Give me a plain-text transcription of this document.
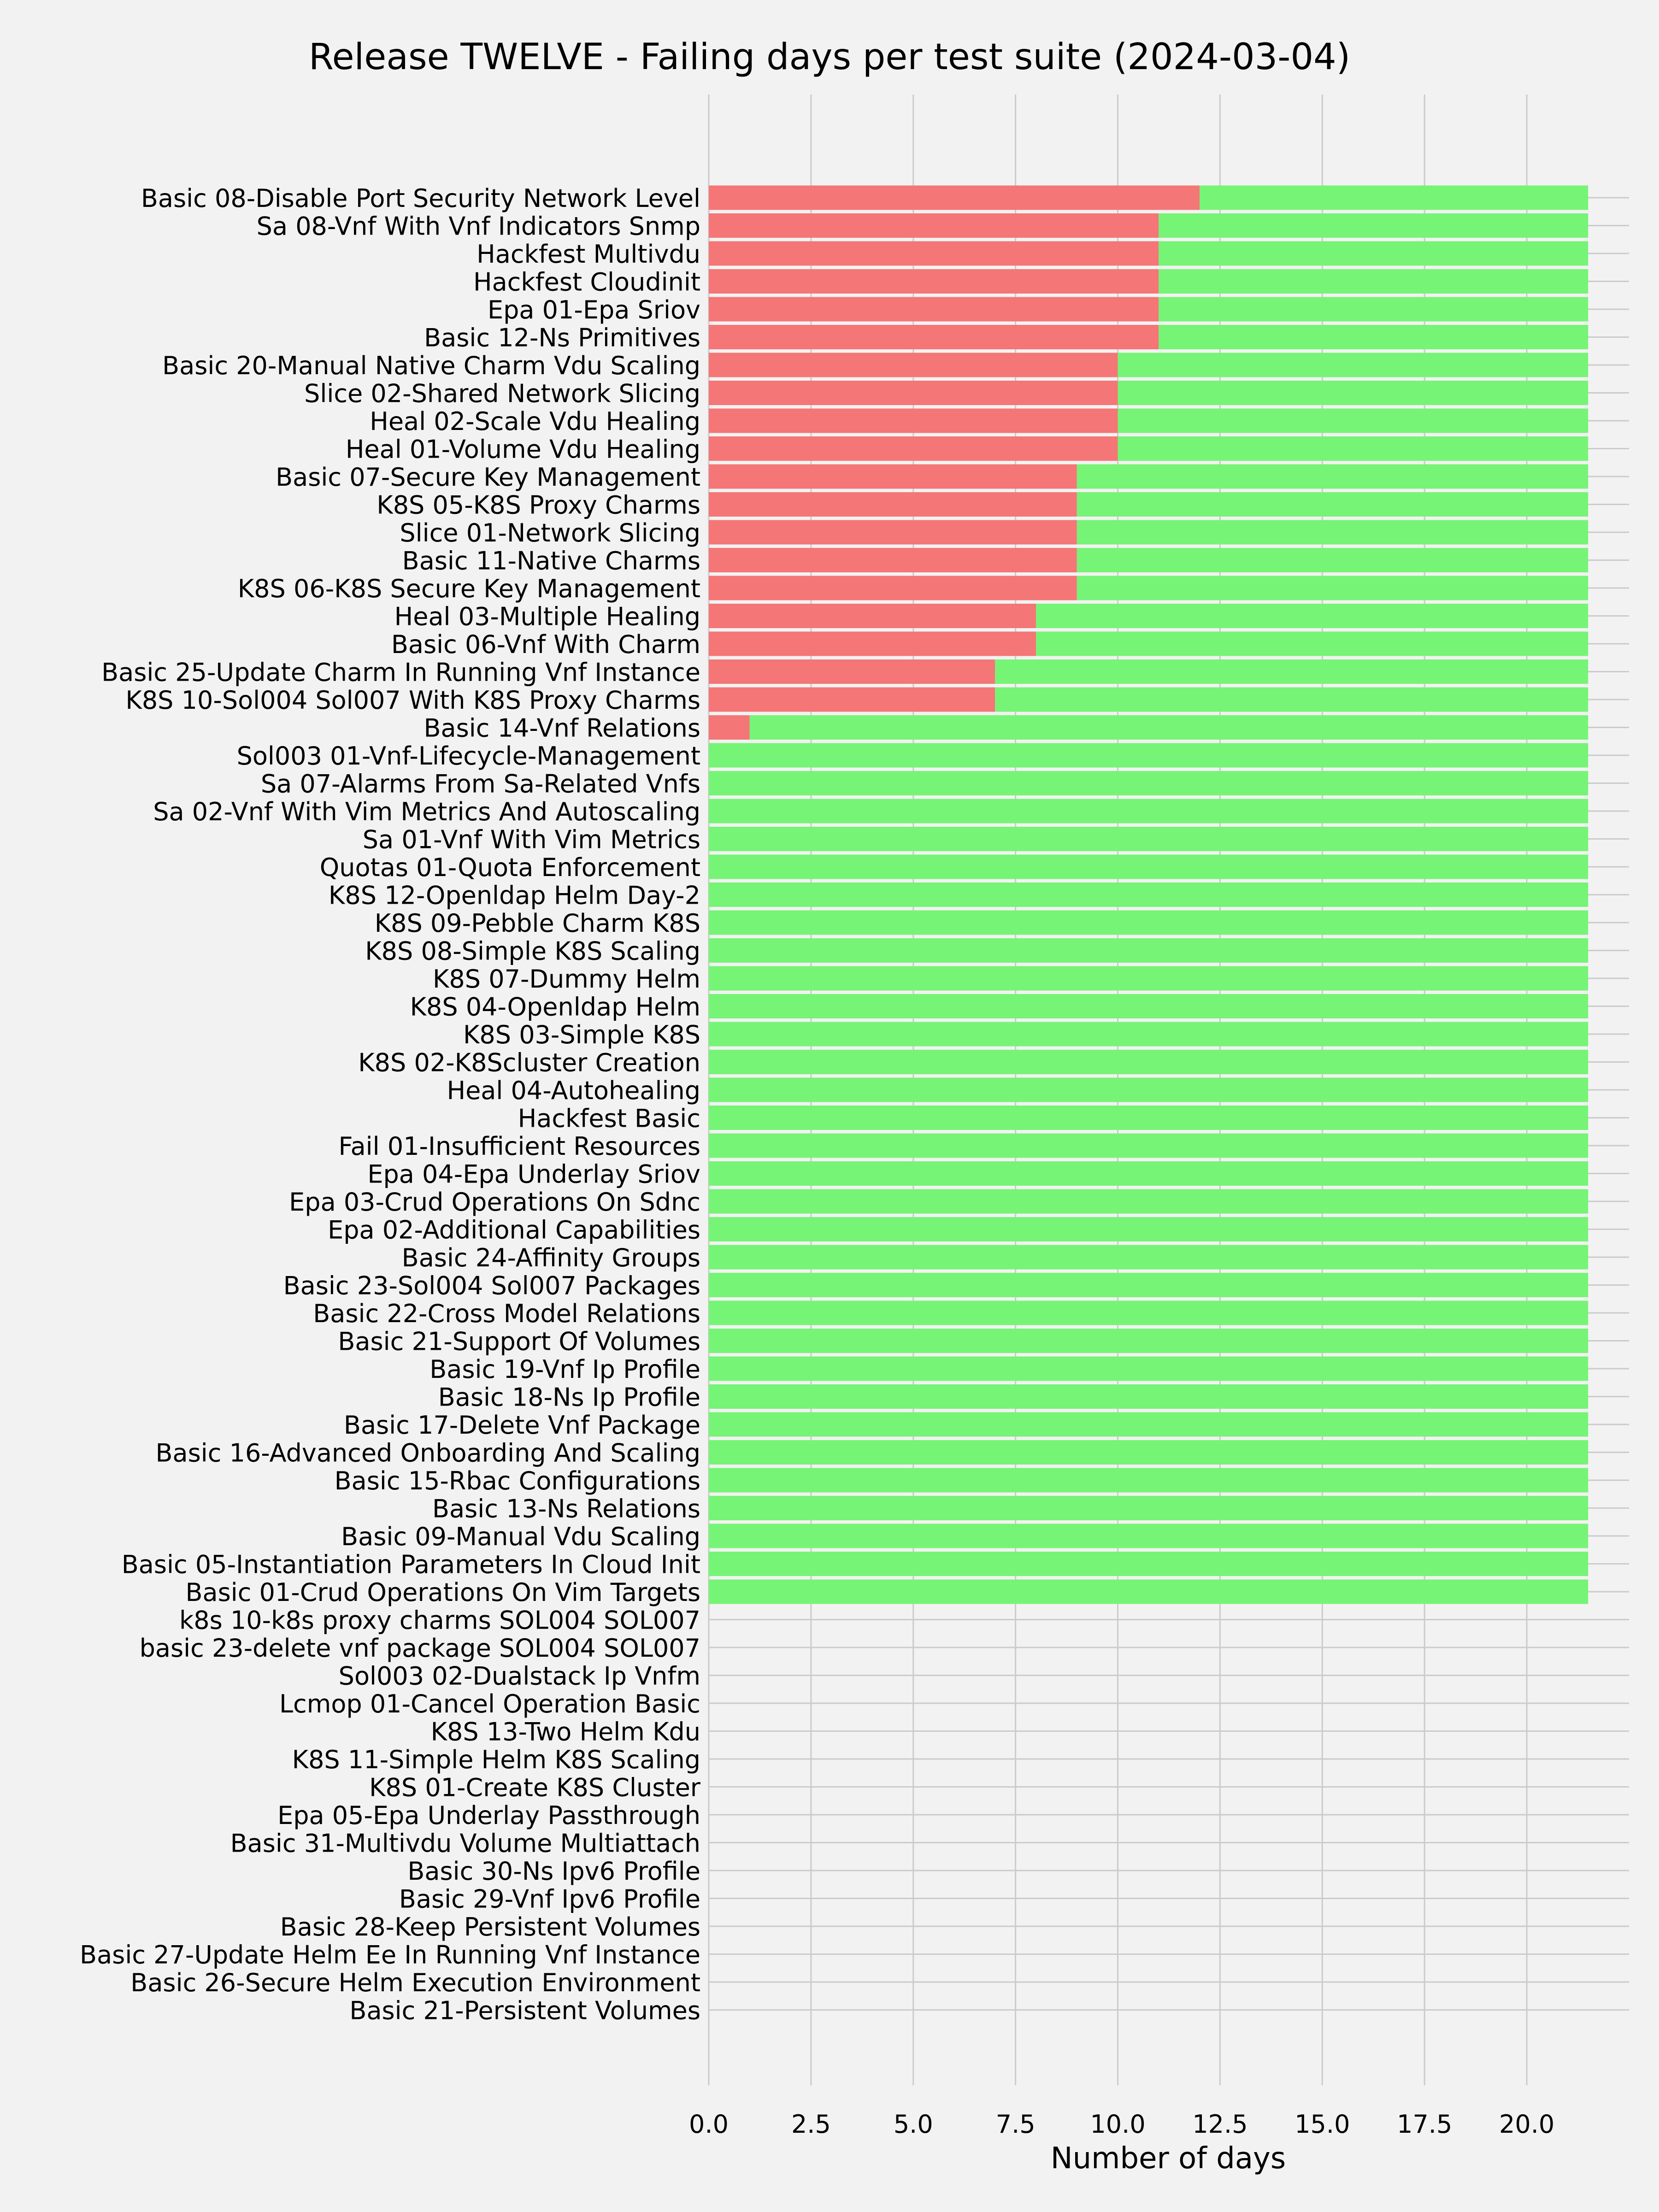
Release TWELVE - Failing days per test suite (2024-03-04)
Basic 08-Disable Port Security Network Level
Sa 08-Vnf With Vnf Indicators Snmp
Hackfest Multivdu
Hackfest Cloudinit
Epa 01-Epa Sriov
Basic 12-Ns Primitives
Basic 20-Manual Native Charm Vdu Scaling
Slice 02-Shared Network Slicing
Heal 02-Scale Vdu Healing
Heal 01-Volume Vdu Healing
Basic 07-Secure Key Management
K8S 05-K8S Proxy Charms
Slice 01-Network Slicing
Basic 11-Native Charms
K8S 06-K8S Secure Key Management
Heal 03-Multiple Healing
Basic 06-Vnf With Charm
Basic 25-Update Charm In Running Vnf Instance
K8S 10-Sol004 Sol007 With K8S Proxy Charms
Basic 14-Vnf Relations
Sol003 01-Vnf-Lifecycle-Management
Sa 07-Alarms From Sa-Related Vnfs
Sa 02-Vnf With Vim Metrics And Autoscaling
Sa 01-Vnf With Vim Metrics
Quotas 01-Quota Enforcement
K8S 12-Openldap Helm Day-2
K8S 09-Pebble Charm K8S
K8S 08-Simple K8S Scaling
K8S 07-Dummy Helm
K8S 04-Openldap Helm
K8S 03-Simple K8S
K8S 02-K8Scluster Creation
Heal 04-Autohealing
Hackfest Basic
Fail 01-Insufficient Resources
Epa 04-Epa Underlay Sriov
Epa 03-Crud Operations On Sdnc
Epa 02-Additional Capabilities
Basic 24-Affinity Groups
Basic 23-Sol004 Sol007 Packages
Basic 22-Cross Model Relations
Basic 21-Support Of Volumes
Basic 19-Vnf Ip Profile
Basic 18-Ns Ip Profile
Basic 17-Delete Vnf Package
Basic 16-Advanced Onboarding And Scaling
Basic 15-Rbac Configurations
Basic 13-Ns Relations
Basic 09-Manual Vdu Scaling
Basic 05-Instantiation Parameters In Cloud Init
Basic 01-Crud Operations On Vim Targets
k8s 10-k8s proxy charms SOL004 SOL007
basic 23-delete vnf package SOL004 SOL007
Sol003 02-Dualstack Ip Vnfm
Lcmop 01-Cancel Operation Basic
K8S 13-Two Helm Kdu
K8S 11-Simple Helm K8S Scaling
K8S 01-Create K8S Cluster
Epa 05-Epa Underlay Passthrough
Basic 31-Multivdu Volume Multiattach
Basic 30-Ns Ipv6 Profile
Basic 29-Vnf Ipv6 Profile
Basic 28-Keep Persistent Volumes
Basic 27-Update Helm Ee In Running Vnf Instance
Basic 26-Secure Helm Execution Environment
Basic 21-Persistent Volumes
0.0	2.5	5.0	7.5 10.0 12.5 15.0 17.5 20.0
Number of days
